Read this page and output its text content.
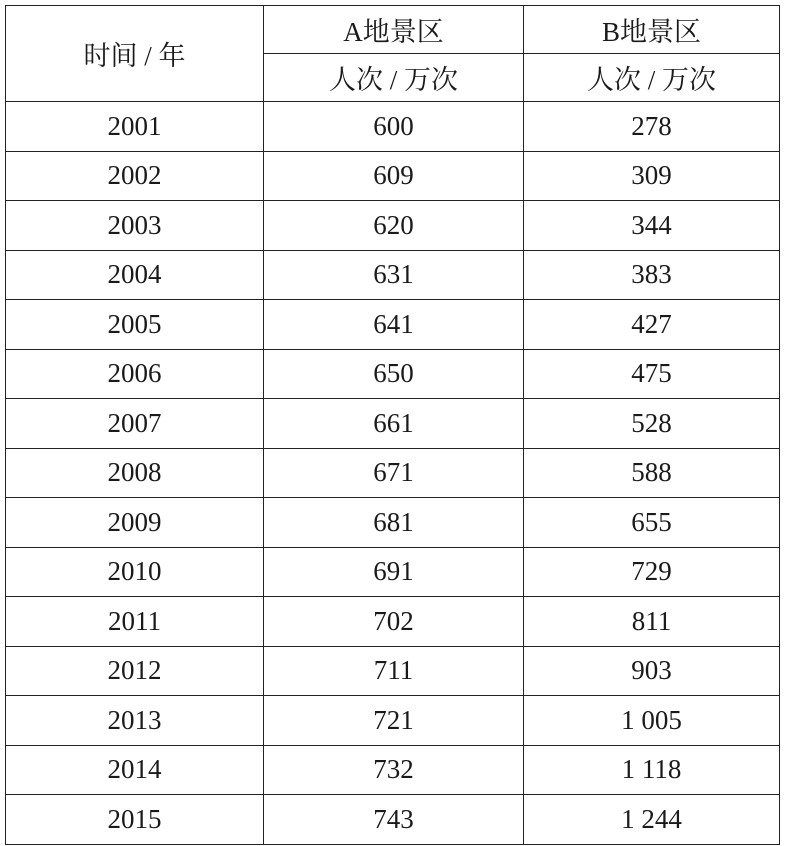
时间 / 年	A地景区	B地景区
	人次 / 万次	人次 / 万次
2001	600	278
2002	609	309
2003	620	344
2004	631	383
2005	641	427
2006	650	475
2007	661	528
2008	671	588
2009	681	655
2010	691	729
2011	702	811
2012	711	903
2013	721	1 005
2014	732	1 118
2015	743	1 244
